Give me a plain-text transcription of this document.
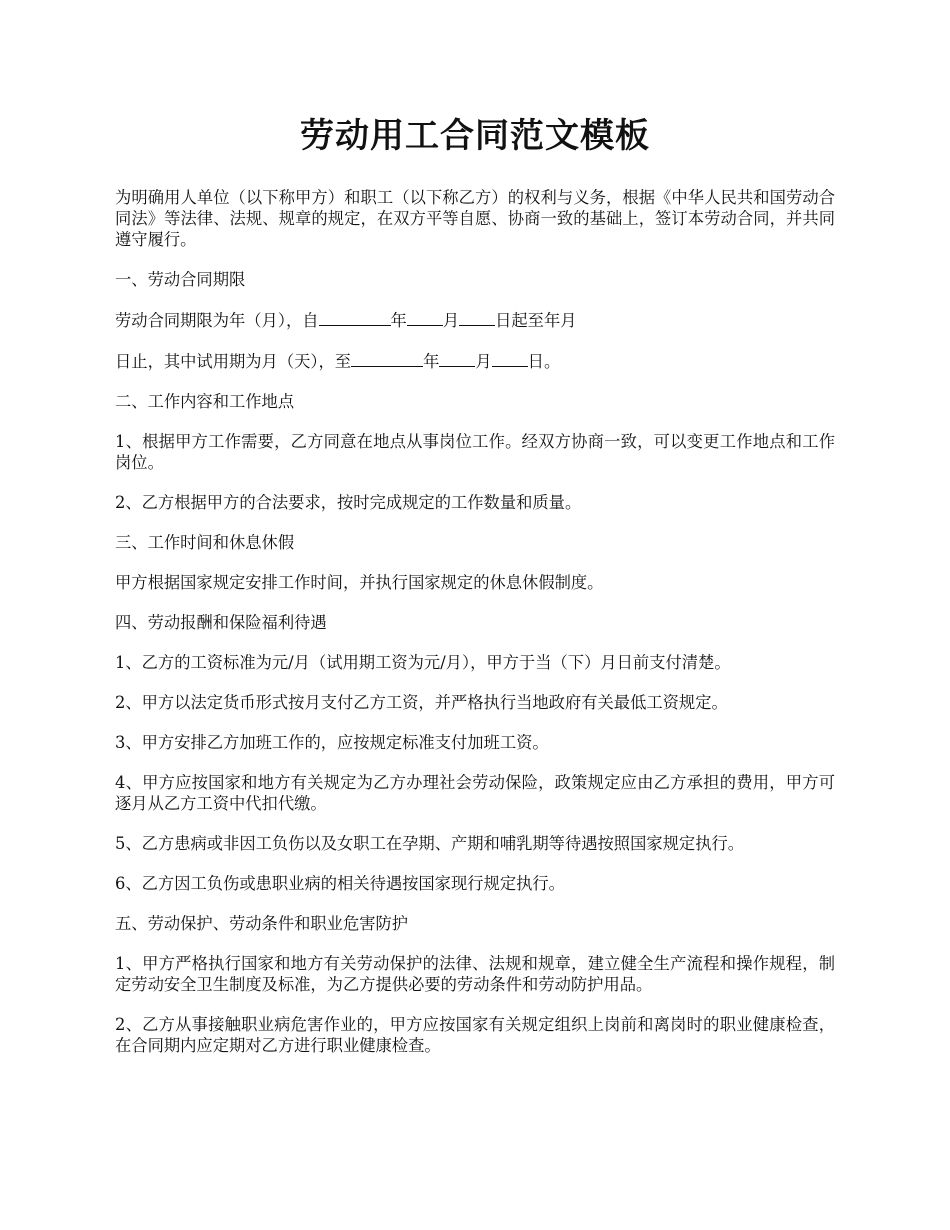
劳动用工合同范文模板

为明确用人单位（以下称甲方）和职工（以下称乙方）的权利与义务，根据《中华人民共和国劳动合同法》等法律、法规、规章的规定，在双方平等自愿、协商一致的基础上，签订本劳动合同，并共同遵守履行。

一、劳动合同期限

劳动合同期限为年（月），自	年 月 日起至年月

日止，其中试用期为月（天），至	年 月 日。

二、工作内容和工作地点

1、根据甲方工作需要，乙方同意在地点从事岗位工作。经双方协商一致，可以变更工作地点和工作岗位。

2、乙方根据甲方的合法要求，按时完成规定的工作数量和质量。

三、工作时间和休息休假

甲方根据国家规定安排工作时间，并执行国家规定的休息休假制度。

四、劳动报酬和保险福利待遇

1、乙方的工资标准为元/月（试用期工资为元/月），甲方于当（下）月日前支付清楚。

2、甲方以法定货币形式按月支付乙方工资，并严格执行当地政府有关最低工资规定。

3、甲方安排乙方加班工作的，应按规定标准支付加班工资。

4、甲方应按国家和地方有关规定为乙方办理社会劳动保险，政策规定应由乙方承担的费用，甲方可逐月从乙方工资中代扣代缴。

5、乙方患病或非因工负伤以及女职工在孕期、产期和哺乳期等待遇按照国家规定执行。

6、乙方因工负伤或患职业病的相关待遇按国家现行规定执行。

五、劳动保护、劳动条件和职业危害防护

1、甲方严格执行国家和地方有关劳动保护的法律、法规和规章，建立健全生产流程和操作规程，制定劳动安全卫生制度及标准，为乙方提供必要的劳动条件和劳动防护用品。

2、乙方从事接触职业病危害作业的，甲方应按国家有关规定组织上岗前和离岗时的职业健康检查，在合同期内应定期对乙方进行职业健康检查。
